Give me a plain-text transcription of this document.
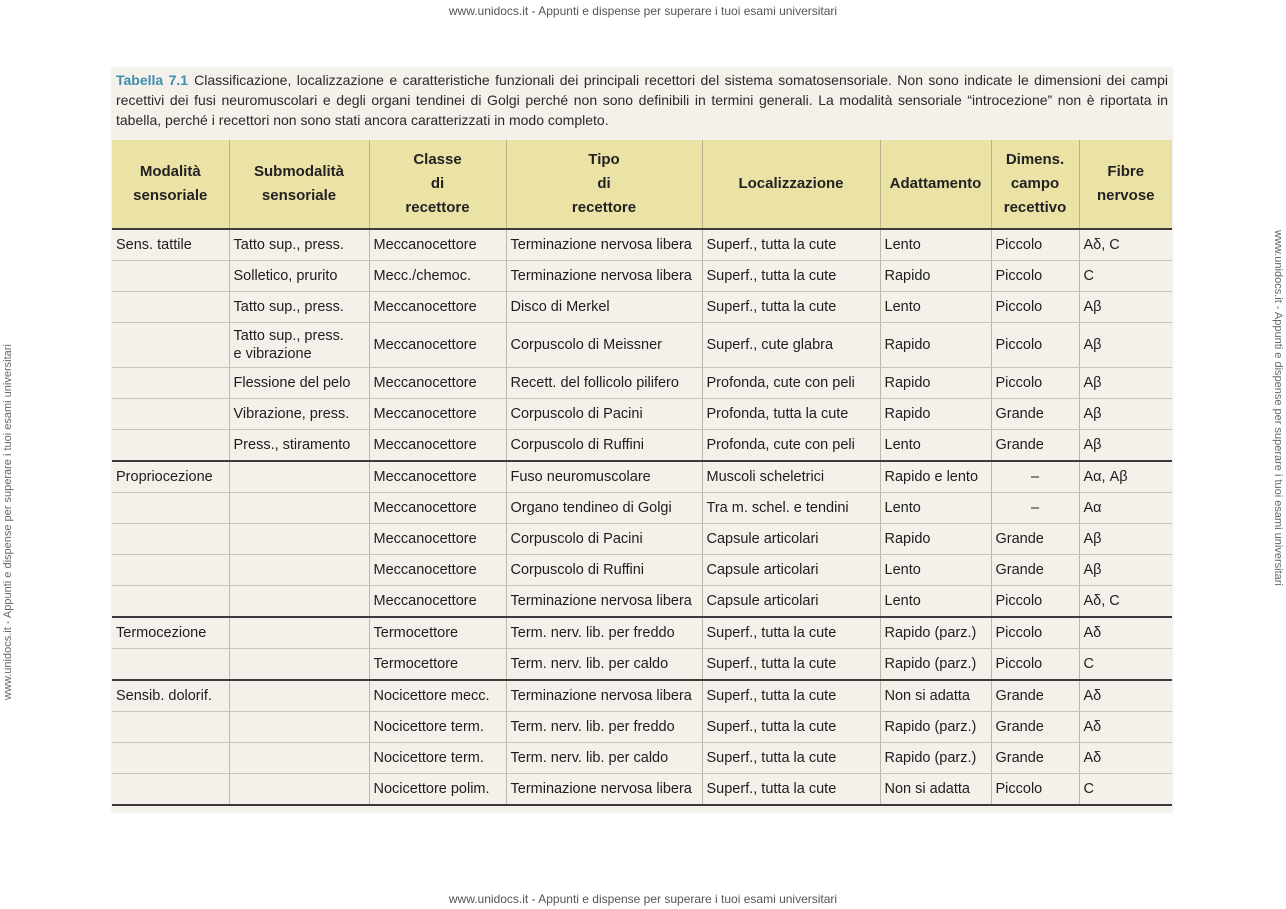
www.unidocs.it - Appunti e dispense per superare i tuoi esami universitari
www.unidocs.it - Appunti e dispense per superare i tuoi esami universitari	www.unidocs.it - Appunti e dispense per superare i tuoi esami universitari
Tabella 7.1 Classificazione, localizzazione e caratteristiche funzionali dei principali recettori del sistema somatosensoriale. Non sono indicate le dimensioni dei campi recettivi dei fusi neuromuscolari e degli organi tendinei di Golgi perché non sono definibili in termini generali. La modalità sensoriale “introcezione” non è riportata in tabella, perché i recettori non sono stati ancora caratterizzati in modo completo.
Modalità
sensoriale	Submodalità
sensoriale	Classe
di
recettore	Tipo
di
recettore	Localizzazione	Adattamento	Dimens.
campo
recettivo	Fibre
nervose
Sens. tattile	Tatto sup., press.	Meccanocettore	Terminazione nervosa libera	Superf., tutta la cute	Lento	Piccolo	Aδ, C
	Solletico, prurito	Mecc./chemoc.	Terminazione nervosa libera	Superf., tutta la cute	Rapido	Piccolo	C
	Tatto sup., press.	Meccanocettore	Disco di Merkel	Superf., tutta la cute	Lento	Piccolo	Aβ
	Tatto sup., press.
e vibrazione	Meccanocettore	Corpuscolo di Meissner	Superf., cute glabra	Rapido	Piccolo	Aβ
	Flessione del pelo	Meccanocettore	Recett. del follicolo pilifero	Profonda, cute con peli	Rapido	Piccolo	Aβ
	Vibrazione, press.	Meccanocettore	Corpuscolo di Pacini	Profonda, tutta la cute	Rapido	Grande	Aβ
	Press., stiramento	Meccanocettore	Corpuscolo di Ruffini	Profonda, cute con peli	Lento	Grande	Aβ
Propriocezione		Meccanocettore	Fuso neuromuscolare	Muscoli scheletrici	Rapido e lento	–	Aα, Aβ
		Meccanocettore	Organo tendineo di Golgi	Tra m. schel. e tendini	Lento	–	Aα
		Meccanocettore	Corpuscolo di Pacini	Capsule articolari	Rapido	Grande	Aβ
		Meccanocettore	Corpuscolo di Ruffini	Capsule articolari	Lento	Grande	Aβ
		Meccanocettore	Terminazione nervosa libera	Capsule articolari	Lento	Piccolo	Aδ, C
Termocezione		Termocettore	Term. nerv. lib. per freddo	Superf., tutta la cute	Rapido (parz.)	Piccolo	Aδ
		Termocettore	Term. nerv. lib. per caldo	Superf., tutta la cute	Rapido (parz.)	Piccolo	C
Sensib. dolorif.		Nocicettore mecc.	Terminazione nervosa libera	Superf., tutta la cute	Non si adatta	Grande	Aδ
		Nocicettore term.	Term. nerv. lib. per freddo	Superf., tutta la cute	Rapido (parz.)	Grande	Aδ
		Nocicettore term.	Term. nerv. lib. per caldo	Superf., tutta la cute	Rapido (parz.)	Grande	Aδ
		Nocicettore polim.	Terminazione nervosa libera	Superf., tutta la cute	Non si adatta	Piccolo	C
www.unidocs.it - Appunti e dispense per superare i tuoi esami universitari
